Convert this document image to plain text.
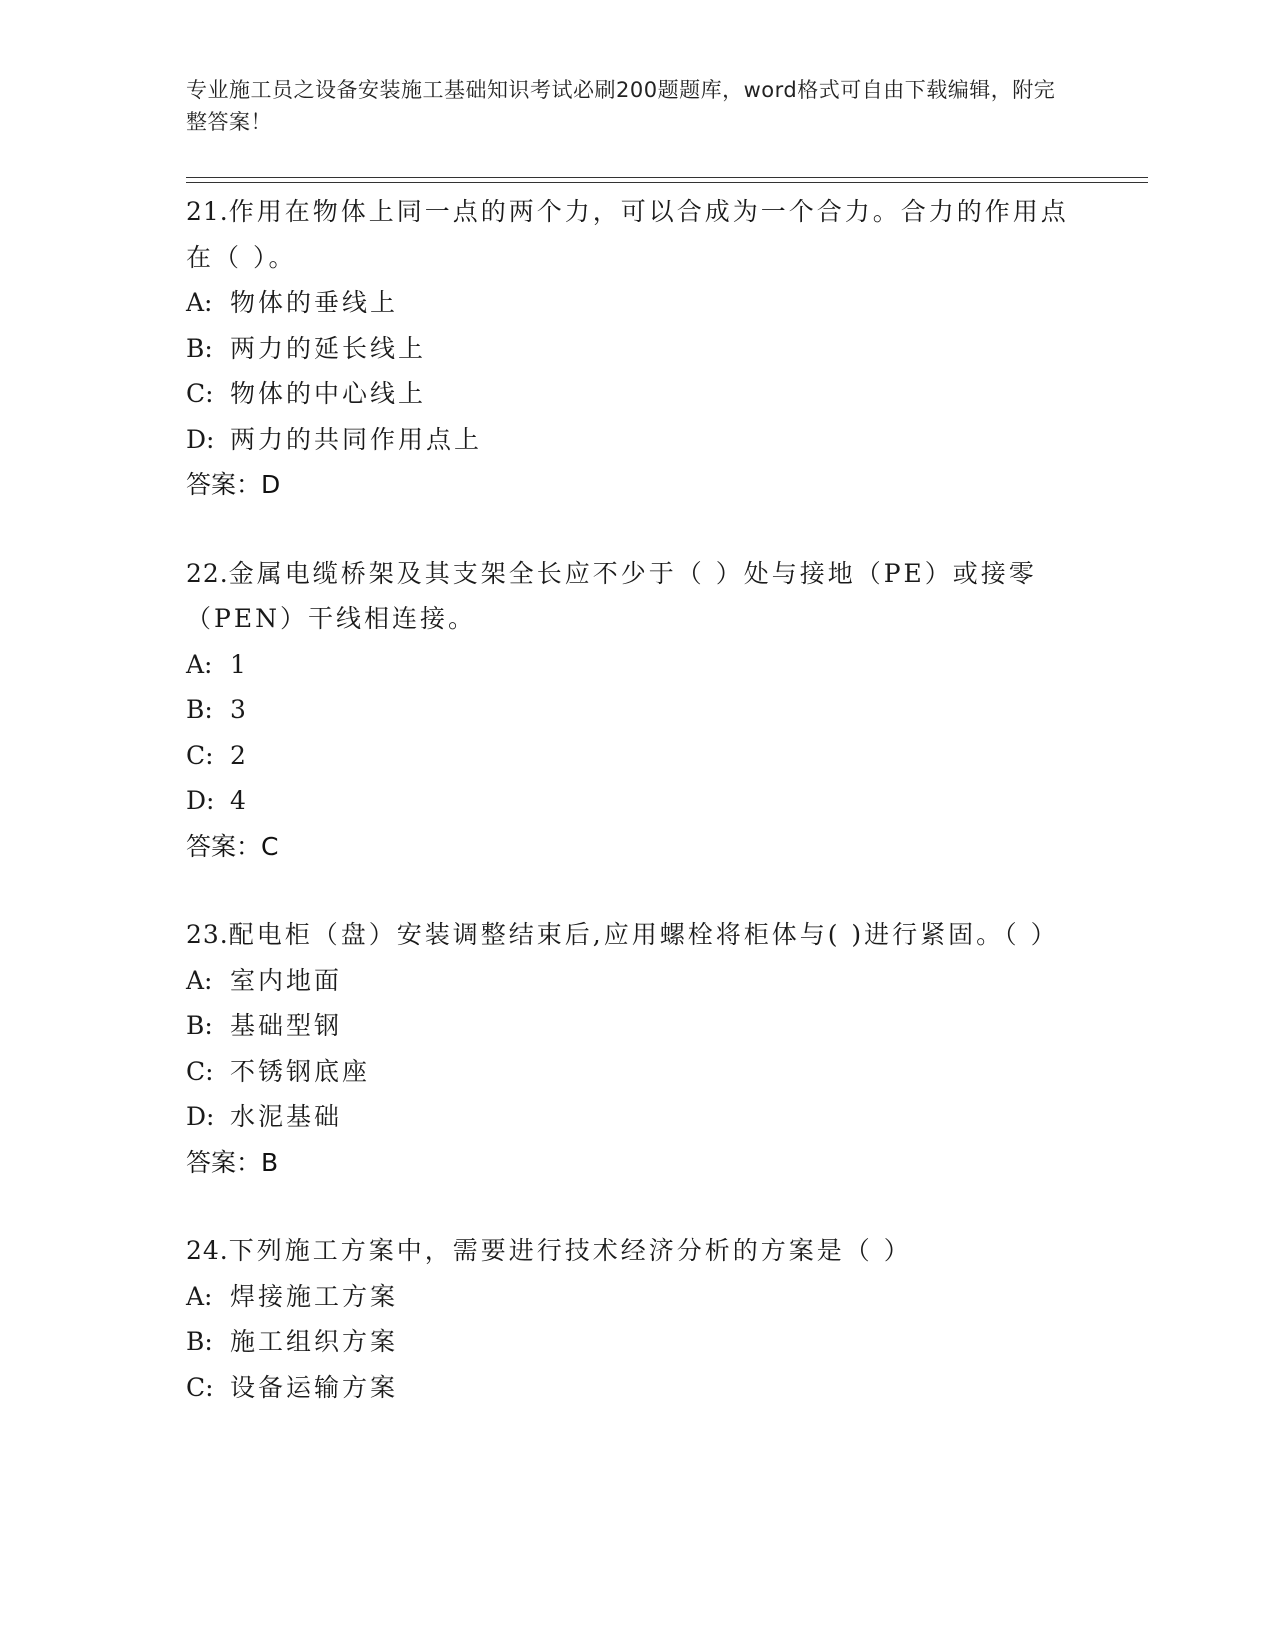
专业施工员之设备安装施工基础知识考试必刷200题题库，word格式可自由下载编辑，附完整答案！
21.作用在物体上同一点的两个力，可以合成为一个合力。合力的作用点在（ ）。
A: 物体的垂线上
B: 两力的延长线上
C: 物体的中心线上
D: 两力的共同作用点上
答案：D
22.金属电缆桥架及其支架全长应不少于（ ）处与接地（PE）或接零（PEN）干线相连接。
A: 1
B: 3
C: 2
D: 4
答案：C
23.配电柜（盘）安装调整结束后,应用螺栓将柜体与( )进行紧固。（ ）
A: 室内地面
B: 基础型钢
C: 不锈钢底座
D: 水泥基础
答案：B
24.下列施工方案中，需要进行技术经济分析的方案是（ ）
A: 焊接施工方案
B: 施工组织方案
C: 设备运输方案
